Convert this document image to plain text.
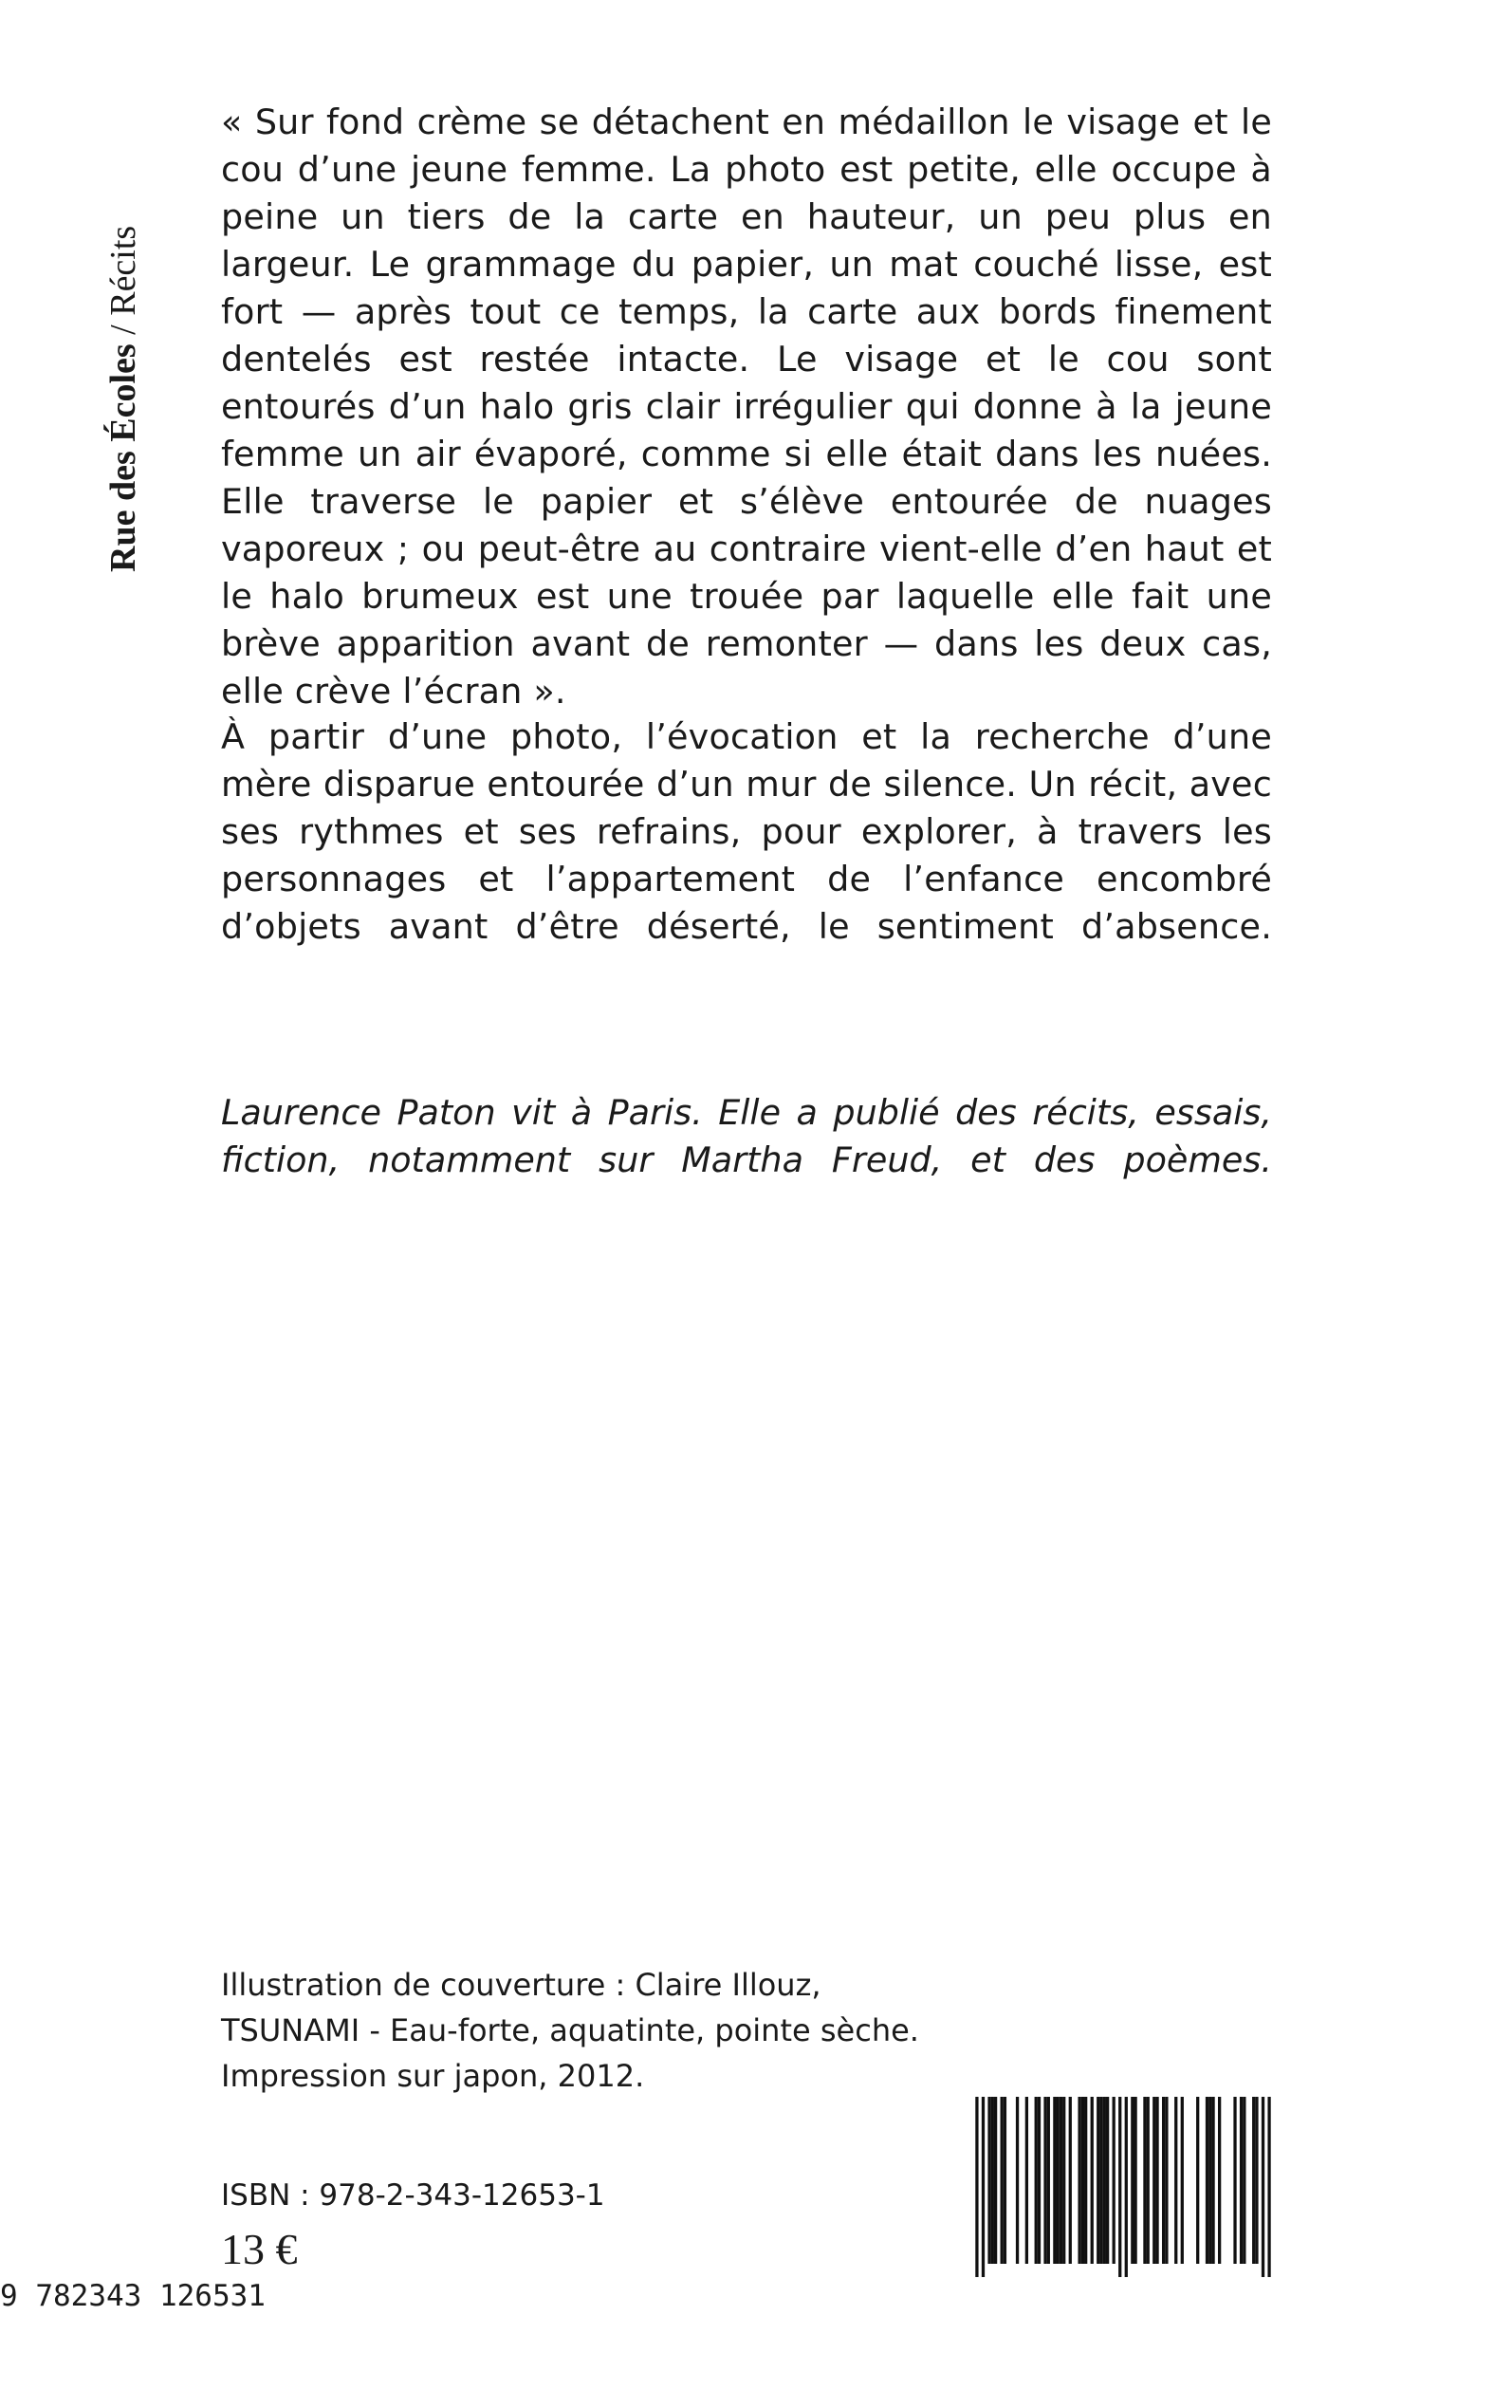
Rue des Écoles / Récits

« Sur fond crème se détachent en médaillon le visage et le cou d’une jeune femme. La photo est petite, elle occupe à peine un tiers de la carte en hauteur, un peu plus en largeur. Le grammage du papier, un mat couché lisse, est fort — après tout ce temps, la carte aux bords finement dentelés est restée intacte. Le visage et le cou sont entourés d’un halo gris clair irrégulier qui donne à la jeune femme un air évaporé, comme si elle était dans les nuées. Elle traverse le papier et s’élève entourée de nuages vaporeux ; ou peut-être au contraire vient-elle d’en haut et le halo brumeux est une trouée par laquelle elle fait une brève apparition avant de remonter — dans les deux cas, elle crève l’écran ».

À partir d’une photo, l’évocation et la recherche d’une mère disparue entourée d’un mur de silence. Un récit, avec ses rythmes et ses refrains, pour explorer, à travers les personnages et l’appartement de l’enfance encombré d’objets avant d’être déserté, le sentiment d’absence.

Laurence Paton vit à Paris. Elle a publié des récits, essais, fiction, notamment sur Martha Freud, et des poèmes.

Illustration de couverture : Claire Illouz,
TSUNAMI - Eau-forte, aquatinte, pointe sèche.
Impression sur japon, 2012.
ISBN : 978-2-343-12653-1
13 €
9 782343 126531
